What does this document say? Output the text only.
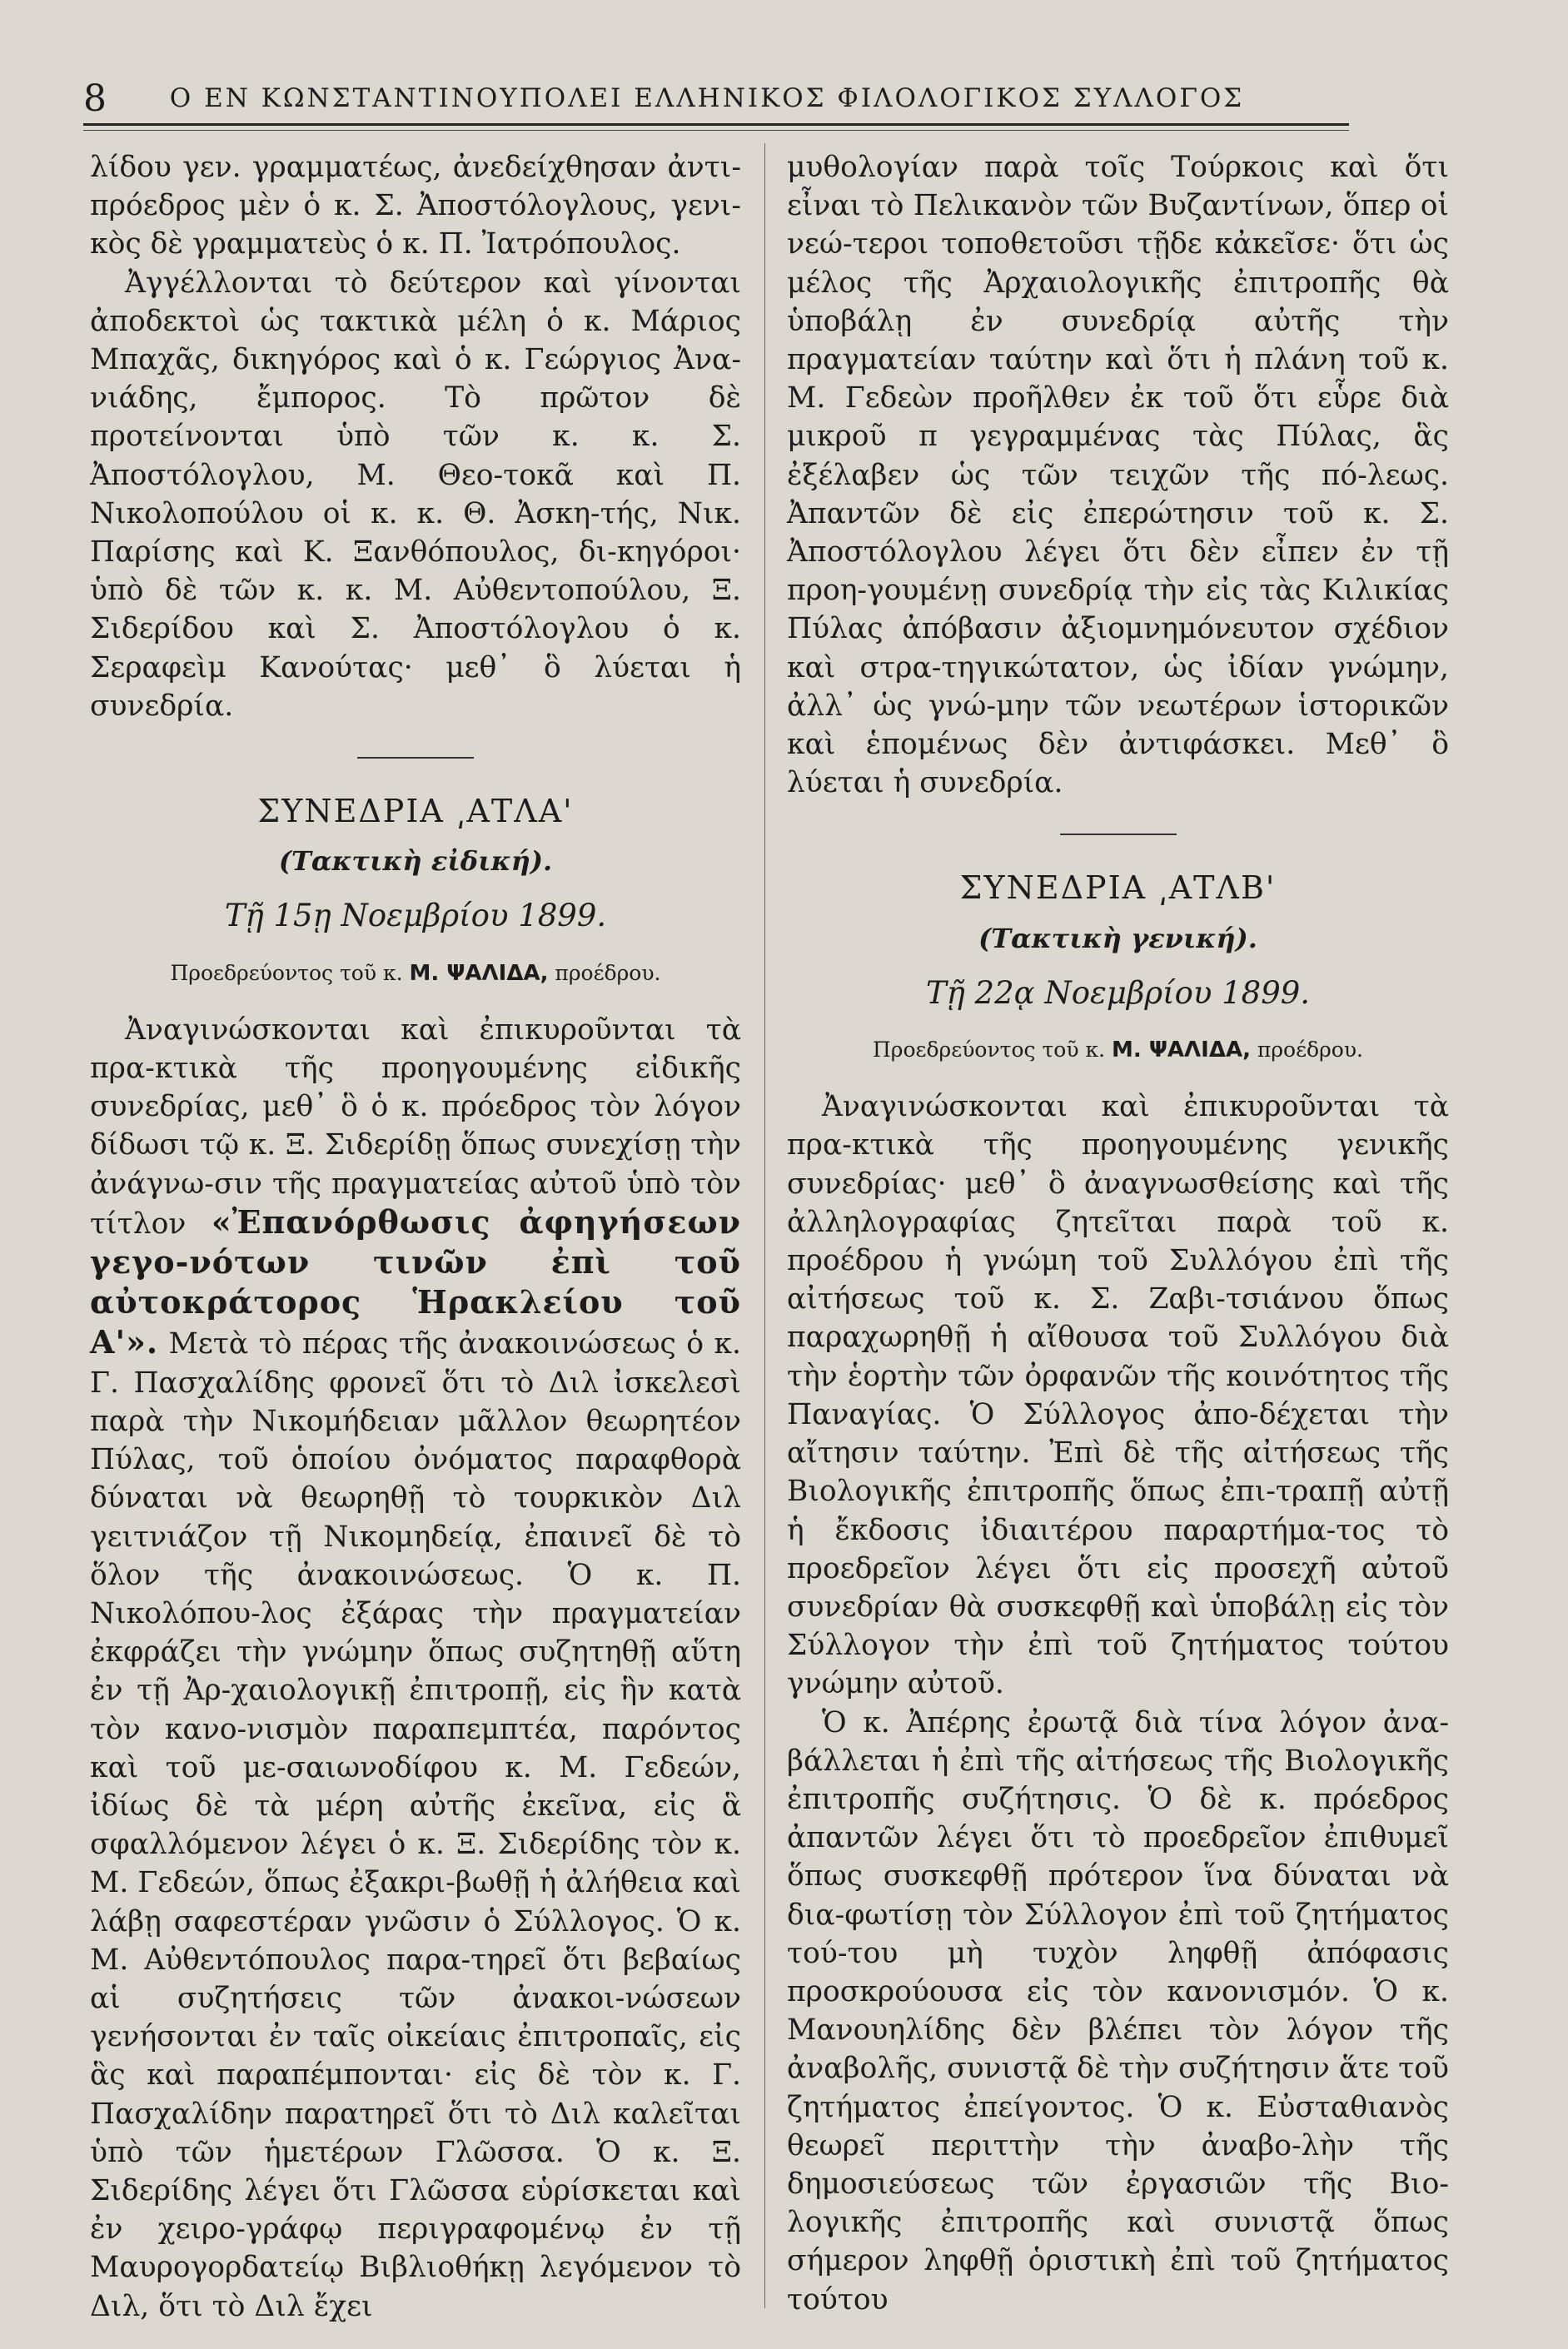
8 Ο ΕΝ ΚΩΝΣΤΑΝΤΙΝΟΥΠΟΛΕΙ ΕΛΛΗΝΙΚΟΣ ΦΙΛΟΛΟΓΙΚΟΣ ΣΥΛΛΟΓΟΣ

λίδου γεν. γραμματέως, ἀνεδείχθησαν ἀντι-πρόεδρος μὲν ὁ κ. Σ. Ἀποστόλογλους, γενι-κὸς δὲ γραμματεὺς ὁ κ. Π. Ἰατρόπουλος.

Ἀγγέλλονται τὸ δεύτερον καὶ γίνονται ἀποδεκτοὶ ὡς τακτικὰ μέλη ὁ κ. Μάριος Μπαχᾶς, δικηγόρος καὶ ὁ κ. Γεώργιος Ἀνα-νιάδης, ἔμπορος. Τὸ πρῶτον δὲ προτείνονται ὑπὸ τῶν κ. κ. Σ. Ἀποστόλογλου, Μ. Θεο-τοκᾶ καὶ Π. Νικολοπούλου οἱ κ. κ. Θ. Ἀσκη-τής, Νικ. Παρίσης καὶ Κ. Ξανθόπουλος, δι-κηγόροι· ὑπὸ δὲ τῶν κ. κ. Μ. Αὐθεντοπούλου, Ξ. Σιδερίδου καὶ Σ. Ἀποστόλογλου ὁ κ. Σεραφεὶμ Κανούτας· μεθ᾽ ὃ λύεται ἡ συνεδρία.

ΣΥΝΕΔΡΙΑ ͵ΑΤΛΑ'
(Τακτικὴ εἰδική).
Τῇ 15ῃ Νοεμβρίου 1899.
Προεδρεύοντος τοῦ κ. Μ. ΨΑΛΙΔΑ, προέδρου.

Ἀναγινώσκονται καὶ ἐπικυροῦνται τὰ πρα-κτικὰ τῆς προηγουμένης εἰδικῆς συνεδρίας, μεθ᾽ ὃ ὁ κ. πρόεδρος τὸν λόγον δίδωσι τῷ κ. Ξ. Σιδερίδῃ ὅπως συνεχίσῃ τὴν ἀνάγνω-σιν τῆς πραγματείας αὐτοῦ ὑπὸ τὸν τίτλον «Ἐπανόρθωσις ἀφηγήσεων γεγο-νότων τινῶν ἐπὶ τοῦ αὐτοκράτορος Ἡρακλείου τοῦ Α'». Μετὰ τὸ πέρας τῆς ἀνακοινώσεως ὁ κ. Γ. Πασχαλίδης φρονεῖ ὅτι τὸ Διλ ἰσκελεσὶ παρὰ τὴν Νικομήδειαν μᾶλλον θεωρητέον Πύλας, τοῦ ὁποίου ὀνόματος παραφθορὰ δύναται νὰ θεωρηθῇ τὸ τουρκικὸν Διλ γειτνιάζον τῇ Νικομηδείᾳ, ἐπαινεῖ δὲ τὸ ὅλον τῆς ἀνακοινώσεως. Ὁ κ. Π. Νικολόπου-λος ἐξάρας τὴν πραγματείαν ἐκφράζει τὴν γνώμην ὅπως συζητηθῇ αὕτη ἐν τῇ Ἀρ-χαιολογικῇ ἐπιτροπῇ, εἰς ἣν κατὰ τὸν κανο-νισμὸν παραπεμπτέα, παρόντος καὶ τοῦ με-σαιωνοδίφου κ. Μ. Γεδεών, ἰδίως δὲ τὰ μέρη αὐτῆς ἐκεῖνα, εἰς ἃ σφαλλόμενον λέγει ὁ κ. Ξ. Σιδερίδης τὸν κ. Μ. Γεδεών, ὅπως ἐξακρι-βωθῇ ἡ ἀλήθεια καὶ λάβῃ σαφεστέραν γνῶσιν ὁ Σύλλογος. Ὁ κ. Μ. Αὐθεντόπουλος παρα-τηρεῖ ὅτι βεβαίως αἱ συζητήσεις τῶν ἀνακοι-νώσεων γενήσονται ἐν ταῖς οἰκείαις ἐπιτροπαῖς, εἰς ἃς καὶ παραπέμπονται· εἰς δὲ τὸν κ. Γ. Πασχαλίδην παρατηρεῖ ὅτι τὸ Διλ καλεῖται ὑπὸ τῶν ἡμετέρων Γλῶσσα. Ὁ κ. Ξ. Σιδερίδης λέγει ὅτι Γλῶσσα εὑρίσκεται καὶ ἐν χειρο-γράφῳ περιγραφομένῳ ἐν τῇ Μαυρογορδατείῳ Βιβλιοθήκῃ λεγόμενον τὸ Διλ, ὅτι τὸ Διλ ἔχει

μυθολογίαν παρὰ τοῖς Τούρκοις καὶ ὅτι εἶναι τὸ Πελικανὸν τῶν Βυζαντίνων, ὅπερ οἱ νεώ-τεροι τοποθετοῦσι τῇδε κἀκεῖσε· ὅτι ὡς μέλος τῆς Ἀρχαιολογικῆς ἐπιτροπῆς θὰ ὑποβάλῃ ἐν συνεδρίᾳ αὐτῆς τὴν πραγματείαν ταύτην καὶ ὅτι ἡ πλάνη τοῦ κ. Μ. Γεδεὼν προῆλθεν ἐκ τοῦ ὅτι εὗρε διὰ μικροῦ π γεγραμμένας τὰς Πύλας, ἃς ἐξέλαβεν ὡς τῶν τειχῶν τῆς πό-λεως. Ἀπαντῶν δὲ εἰς ἐπερώτησιν τοῦ κ. Σ. Ἀποστόλογλου λέγει ὅτι δὲν εἶπεν ἐν τῇ προη-γουμένῃ συνεδρίᾳ τὴν εἰς τὰς Κιλικίας Πύλας ἀπόβασιν ἀξιομνημόνευτον σχέδιον καὶ στρα-τηγικώτατον, ὡς ἰδίαν γνώμην, ἀλλ᾽ ὡς γνώ-μην τῶν νεωτέρων ἱστορικῶν καὶ ἑπομένως δὲν ἀντιφάσκει. Μεθ᾽ ὃ λύεται ἡ συνεδρία.

ΣΥΝΕΔΡΙΑ ͵ΑΤΛΒ'
(Τακτικὴ γενική).
Τῇ 22ᾳ Νοεμβρίου 1899.
Προεδρεύοντος τοῦ κ. Μ. ΨΑΛΙΔΑ, προέδρου.

Ἀναγινώσκονται καὶ ἐπικυροῦνται τὰ πρα-κτικὰ τῆς προηγουμένης γενικῆς συνεδρίας· μεθ᾽ ὃ ἀναγνωσθείσης καὶ τῆς ἀλληλογραφίας ζητεῖται παρὰ τοῦ κ. προέδρου ἡ γνώμη τοῦ Συλλόγου ἐπὶ τῆς αἰτήσεως τοῦ κ. Σ. Ζαβι-τσιάνου ὅπως παραχωρηθῇ ἡ αἴθουσα τοῦ Συλλόγου διὰ τὴν ἑορτὴν τῶν ὀρφανῶν τῆς κοινότητος τῆς Παναγίας. Ὁ Σύλλογος ἀπο-δέχεται τὴν αἴτησιν ταύτην. Ἐπὶ δὲ τῆς αἰτήσεως τῆς Βιολογικῆς ἐπιτροπῆς ὅπως ἐπι-τραπῇ αὐτῇ ἡ ἔκδοσις ἰδιαιτέρου παραρτήμα-τος τὸ προεδρεῖον λέγει ὅτι εἰς προσεχῆ αὐτοῦ συνεδρίαν θὰ συσκεφθῇ καὶ ὑποβάλῃ εἰς τὸν Σύλλογον τὴν ἐπὶ τοῦ ζητήματος τούτου γνώμην αὐτοῦ.

Ὁ κ. Ἀπέρης ἐρωτᾷ διὰ τίνα λόγον ἀνα-βάλλεται ἡ ἐπὶ τῆς αἰτήσεως τῆς Βιολογικῆς ἐπιτροπῆς συζήτησις. Ὁ δὲ κ. πρόεδρος ἀπαντῶν λέγει ὅτι τὸ προεδρεῖον ἐπιθυμεῖ ὅπως συσκεφθῇ πρότερον ἵνα δύναται νὰ δια-φωτίσῃ τὸν Σύλλογον ἐπὶ τοῦ ζητήματος τού-του μὴ τυχὸν ληφθῇ ἀπόφασις προσκρούουσα εἰς τὸν κανονισμόν. Ὁ κ. Μανουηλίδης δὲν βλέπει τὸν λόγον τῆς ἀναβολῆς, συνιστᾷ δὲ τὴν συζήτησιν ἅτε τοῦ ζητήματος ἐπείγοντος. Ὁ κ. Εὐσταθιανὸς θεωρεῖ περιττὴν τὴν ἀναβο-λὴν τῆς δημοσιεύσεως τῶν ἐργασιῶν τῆς Βιο-λογικῆς ἐπιτροπῆς καὶ συνιστᾷ ὅπως σήμερον ληφθῇ ὁριστικὴ ἐπὶ τοῦ ζητήματος τούτου
